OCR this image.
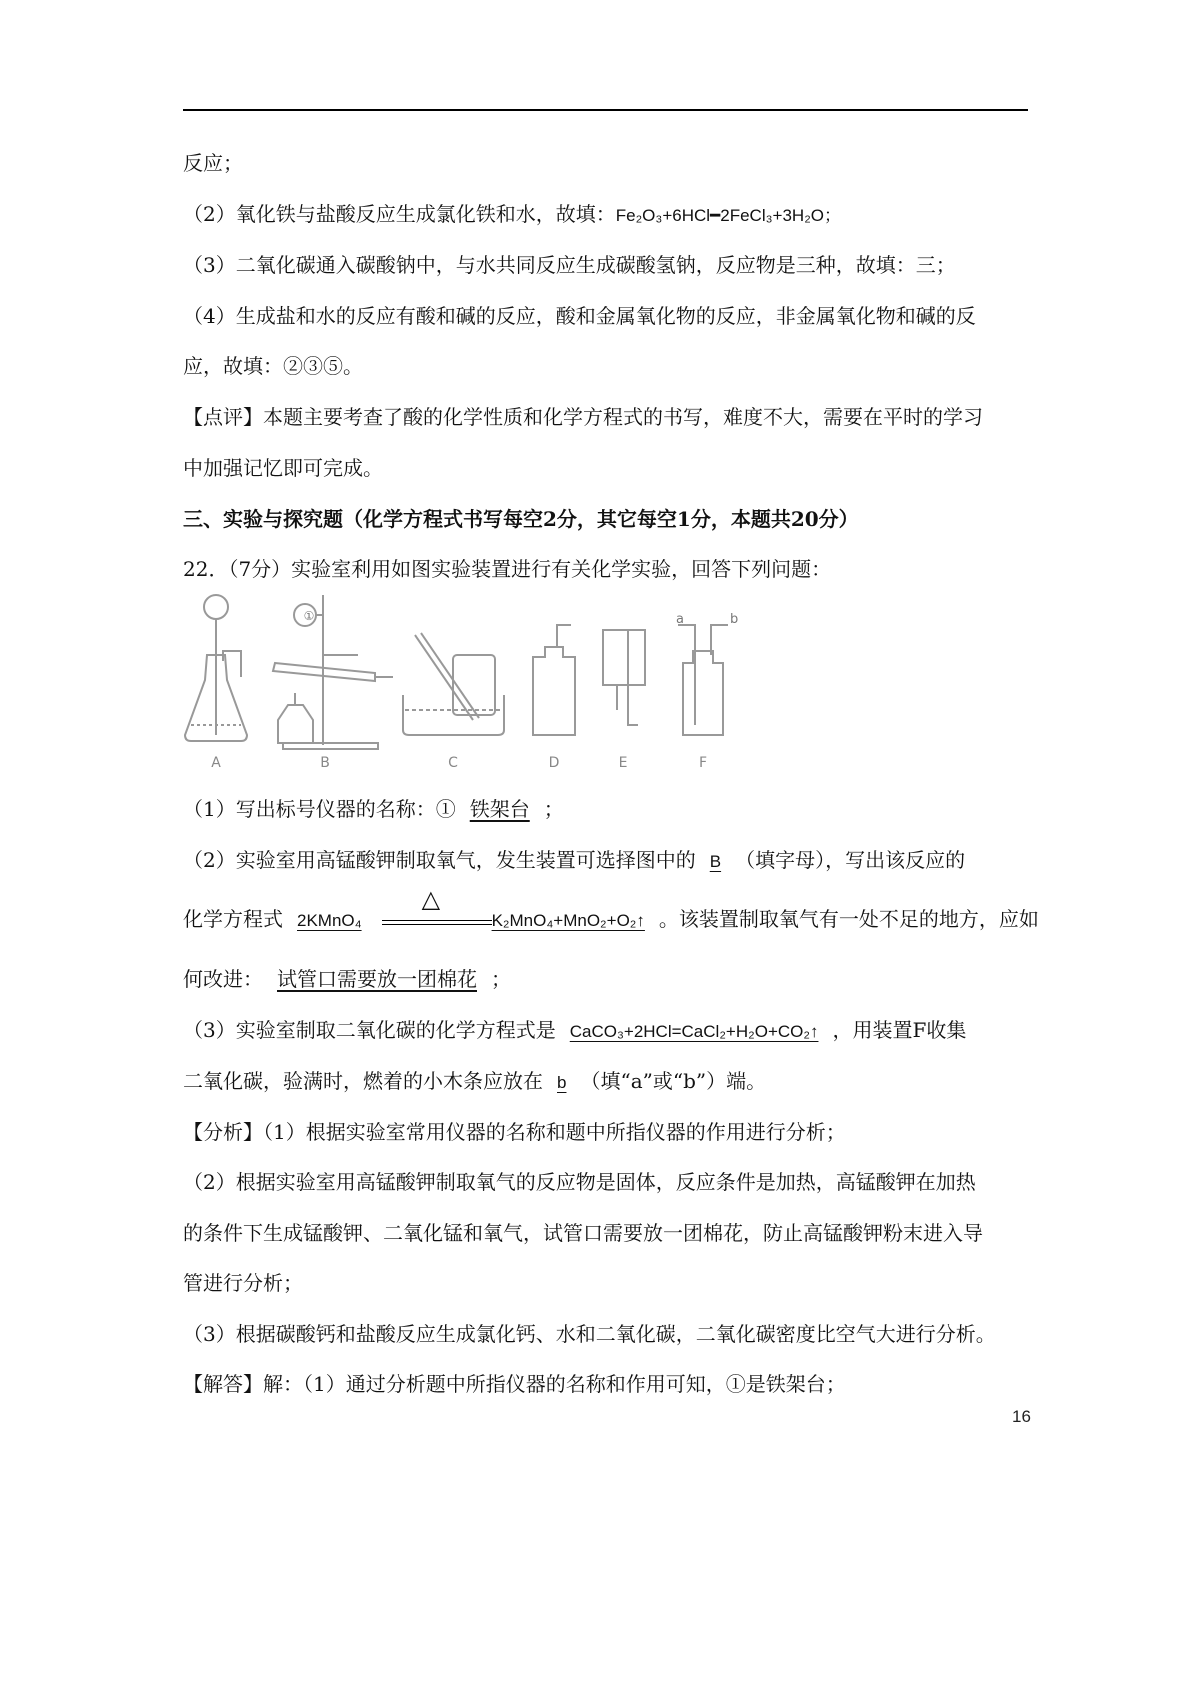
反应；
（2）氧化铁与盐酸反应生成氯化铁和水，故填：Fe₂O₃+6HCl━2FeCl₃+3H₂O；
（3）二氧化碳通入碳酸钠中，与水共同反应生成碳酸氢钠，反应物是三种，故填：三；
（4）生成盐和水的反应有酸和碱的反应，酸和金属氧化物的反应，非金属氧化物和碱的反
应，故填：②③⑤。
【点评】本题主要考查了酸的化学性质和化学方程式的书写，难度不大，需要在平时的学习
中加强记忆即可完成。
三、实验与探究题（化学方程式书写每空2分，其它每空1分，本题共20分）
22．（7分）实验室利用如图实验装置进行有关化学实验，回答下列问题：
①	a	b
A	B	C	D	E	F
（1）写出标号仪器的名称：① 铁架台 ；
（2）实验室用高锰酸钾制取氧气，发生装置可选择图中的 B （填字母），写出该反应的
化学方程式 2KMnO₄
△
K₂MnO₄+MnO₂+O₂↑ 。该装置制取氧气有一处不足的地方，应如
何改进： 试管口需要放一团棉花 ；
（3）实验室制取二氧化碳的化学方程式是 CaCO₃+2HCl=CaCl₂+H₂O+CO₂↑ ，用装置F收集
二氧化碳，验满时，燃着的小木条应放在 b （填“a”或“b”）端。
【分析】（1）根据实验室常用仪器的名称和题中所指仪器的作用进行分析；
（2）根据实验室用高锰酸钾制取氧气的反应物是固体，反应条件是加热，高锰酸钾在加热
的条件下生成锰酸钾、二氧化锰和氧气，试管口需要放一团棉花，防止高锰酸钾粉末进入导
管进行分析；
（3）根据碳酸钙和盐酸反应生成氯化钙、水和二氧化碳，二氧化碳密度比空气大进行分析。
【解答】解：（1）通过分析题中所指仪器的名称和作用可知，①是铁架台；
16
